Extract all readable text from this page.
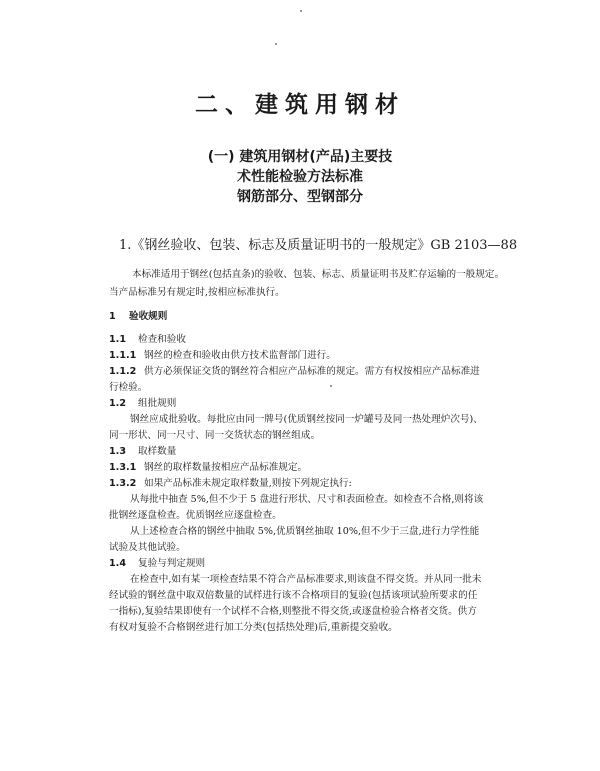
二、建筑用钢材
(一) 建筑用钢材(产品)主要技
术性能检验方法标准
钢筋部分、型钢部分
1.《钢丝验收、包装、标志及质量证明书的一般规定》GB 2103—88
本标准适用于钢丝(包括直条)的验收、包装、标志、质量证明书及贮存运输的一般规定。
当产品标准另有规定时,按相应标准执行。
1 验收规则
1.1 检查和验收
1.1.1 钢丝的检查和验收由供方技术监督部门进行。
1.1.2 供方必须保证交货的钢丝符合相应产品标准的规定。需方有权按相应产品标准进
行检验。
1.2 组批规则
钢丝应成批验收。每批应由同一牌号(优质钢丝按同一炉罐号及同一热处理炉次号)、
同一形状、同一尺寸、同一交货状态的钢丝组成。
1.3 取样数量
1.3.1 钢丝的取样数量按相应产品标准规定。
1.3.2 如果产品标准未规定取样数量,则按下列规定执行:
从每批中抽查 5%,但不少于 5 盘进行形状、尺寸和表面检查。如检查不合格,则将该
批钢丝逐盘检查。优质钢丝应逐盘检查。
从上述检查合格的钢丝中抽取 5%,优质钢丝抽取 10%,但不少于三盘,进行力学性能
试验及其他试验。
1.4 复验与判定规则
在检查中,如有某一项检查结果不符合产品标准要求,则该盘不得交货。并从同一批未
经试验的钢丝盘中取双倍数量的试样进行该不合格项目的复验(包括该项试验所要求的任
一指标),复验结果即使有一个试样不合格,则整批不得交货,或逐盘检验合格者交货。供方
有权对复验不合格钢丝进行加工分类(包括热处理)后,重新提交验收。
